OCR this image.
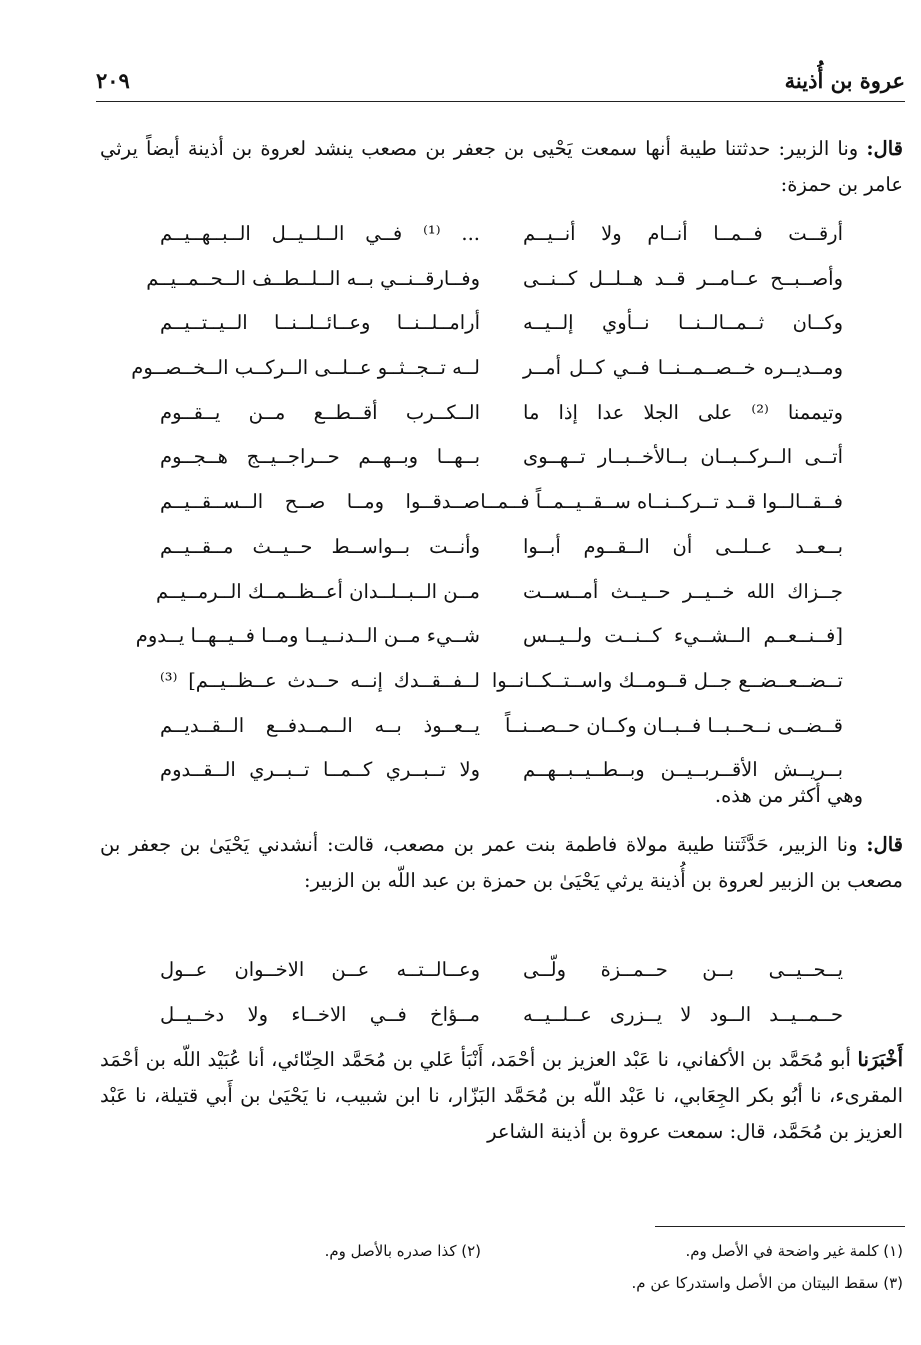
عروة بن أُذينة
٢٠٩
قال: ونا الزبير: حدثتنا طيبة أنها سمعت يَحْيى بن جعفر بن مصعب ينشد لعروة بن أذينة أيضاً يرثي عامر بن حمزة:
أرقــت فــمــا أنــام ولا أنــيــم
... ⁽¹⁾ فــي الــلــيــل الــبــهــيــم
وأصــبــح عــامــر قــد هــلــل كــنــى
وفــارقــنــي بــه الــلــطــف الــحــمــيــم
وكــان ثــمــالــنــا نــأوي إلــيــه
أرامــلــنــا وعــائــلــنــا الــيــتــيــم
ومــديــره خــصــمــنــا فــي كــل أمــر
لــه تــجــثــو عــلــى الــركــب الــخــصــوم
وتيممنا ⁽²⁾ على الجلا عدا إذا ما
الــكــرب أقــطــع مــن يــقــوم
أتــى الــركــبــان بــالأخــبــار تــهــوى
بــهــا وبــهــم حــراجــيــج هــجــوم
فــقــالــوا قــد تــركــنــاه ســقــيــمــاً فــمــا
صــدقــوا ومــا صــح الــســقــيــم
بــعــد عــلــى أن الــقــوم أبــوا
وأنــت بــواســط حــيــث مــقــيــم
جــزاك الله خــيــر حــيــث أمــســت
مــن الــبــلــدان أعــظــمــك الــرمــيــم
[فــنــعــم الــشــيء كــنــت ولــيــس
شــيء مــن الــدنــيــا ومــا فــيــهــا يــدوم
تــضــعــضــع جــل قــومــك واســتــكــانــوا
لــفــقــدك إنــه حــدث عــظــيــم] ⁽³⁾
قــضــى نــحــبــا فــبــان وكــان حــصــنــاً
يــعــوذ بــه الــمــدفــع الــقــديــم
بــريــش الأقــربــيــن وبــطــيــبــهــم
ولا تــبــري كــمــا تــبــري الــقــدوم
وهي أكثر من هذه.
قال: ونا الزبير، حَدَّثَتنا طيبة مولاة فاطمة بنت عمر بن مصعب، قالت: أنشدني يَحْيَىٰ بن جعفر بن مصعب بن الزبير لعروة بن أُذينة يرثي يَحْيَىٰ بن حمزة بن عبد اللّه بن الزبير:
يــحــيــى بــن حــمــزة ولّــى
وعــالــتــه عــن الاخــوان عــول
حــمــيــد الــود لا يــزرى عــلــيــه
مــؤاخ فــي الاخــاء ولا دخــيــل
أَخْبَرَنا أبو مُحَمَّد بن الأكفاني، نا عَبْد العزيز بن أحْمَد، أَنْبَأ عَلي بن مُحَمَّد الحِنّائي، أنا عُبَيْد اللّه بن أحْمَد المقرىء، نا أبُو بكر الجِعَابي، نا عَبْد اللّه بن مُحَمَّد البَزّار، نا ابن شبيب، نا يَحْيَىٰ بن أَبي قتيلة، نا عَبْد العزيز بن مُحَمَّد، قال: سمعت عروة بن أذينة الشاعر
(١) كلمة غير واضحة في الأصل وم.
(٢) كذا صدره بالأصل وم.
(٣) سقط البيتان من الأصل واستدركا عن م.
